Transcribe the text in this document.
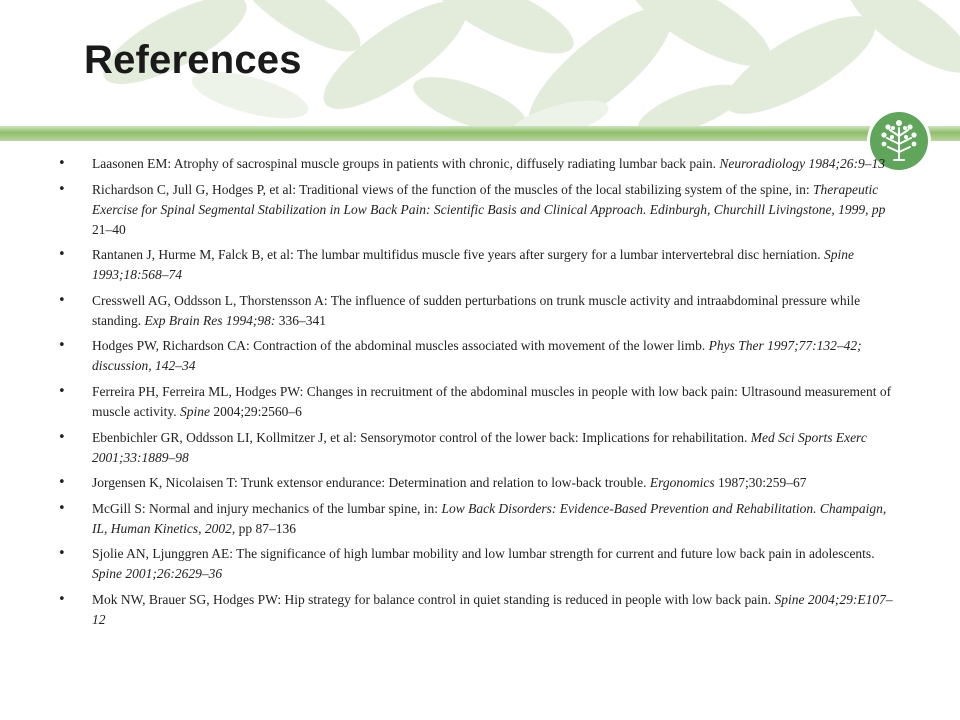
References
• Laasonen EM: Atrophy of sacrospinal muscle groups in patients with chronic, diffusely radiating lumbar back pain. Neuroradiology 1984;26:9–13
• Richardson C, Jull G, Hodges P, et al: Traditional views of the function of the muscles of the local stabilizing system of the spine, in: Therapeutic Exercise for Spinal Segmental Stabilization in Low Back Pain: Scientific Basis and Clinical Approach. Edinburgh, Churchill Livingstone, 1999, pp 21–40
• Rantanen J, Hurme M, Falck B, et al: The lumbar multifidus muscle five years after surgery for a lumbar intervertebral disc herniation. Spine 1993;18:568–74
• Cresswell AG, Oddsson L, Thorstensson A: The influence of sudden perturbations on trunk muscle activity and intraabdominal pressure while standing. Exp Brain Res 1994;98: 336–341
• Hodges PW, Richardson CA: Contraction of the abdominal muscles associated with movement of the lower limb. Phys Ther 1997;77:132–42; discussion, 142–34
• Ferreira PH, Ferreira ML, Hodges PW: Changes in recruitment of the abdominal muscles in people with low back pain: Ultrasound measurement of muscle activity. Spine 2004;29:2560–6
• Ebenbichler GR, Oddsson LI, Kollmitzer J, et al: Sensorymotor control of the lower back: Implications for rehabilitation. Med Sci Sports Exerc 2001;33:1889–98
• Jorgensen K, Nicolaisen T: Trunk extensor endurance: Determination and relation to low-back trouble. Ergonomics 1987;30:259–67
• McGill S: Normal and injury mechanics of the lumbar spine, in: Low Back Disorders: Evidence-Based Prevention and Rehabilitation. Champaign, IL, Human Kinetics, 2002, pp 87–136
• Sjolie AN, Ljunggren AE: The significance of high lumbar mobility and low lumbar strength for current and future low back pain in adolescents. Spine 2001;26:2629–36
• Mok NW, Brauer SG, Hodges PW: Hip strategy for balance control in quiet standing is reduced in people with low back pain. Spine 2004;29:E107–12
